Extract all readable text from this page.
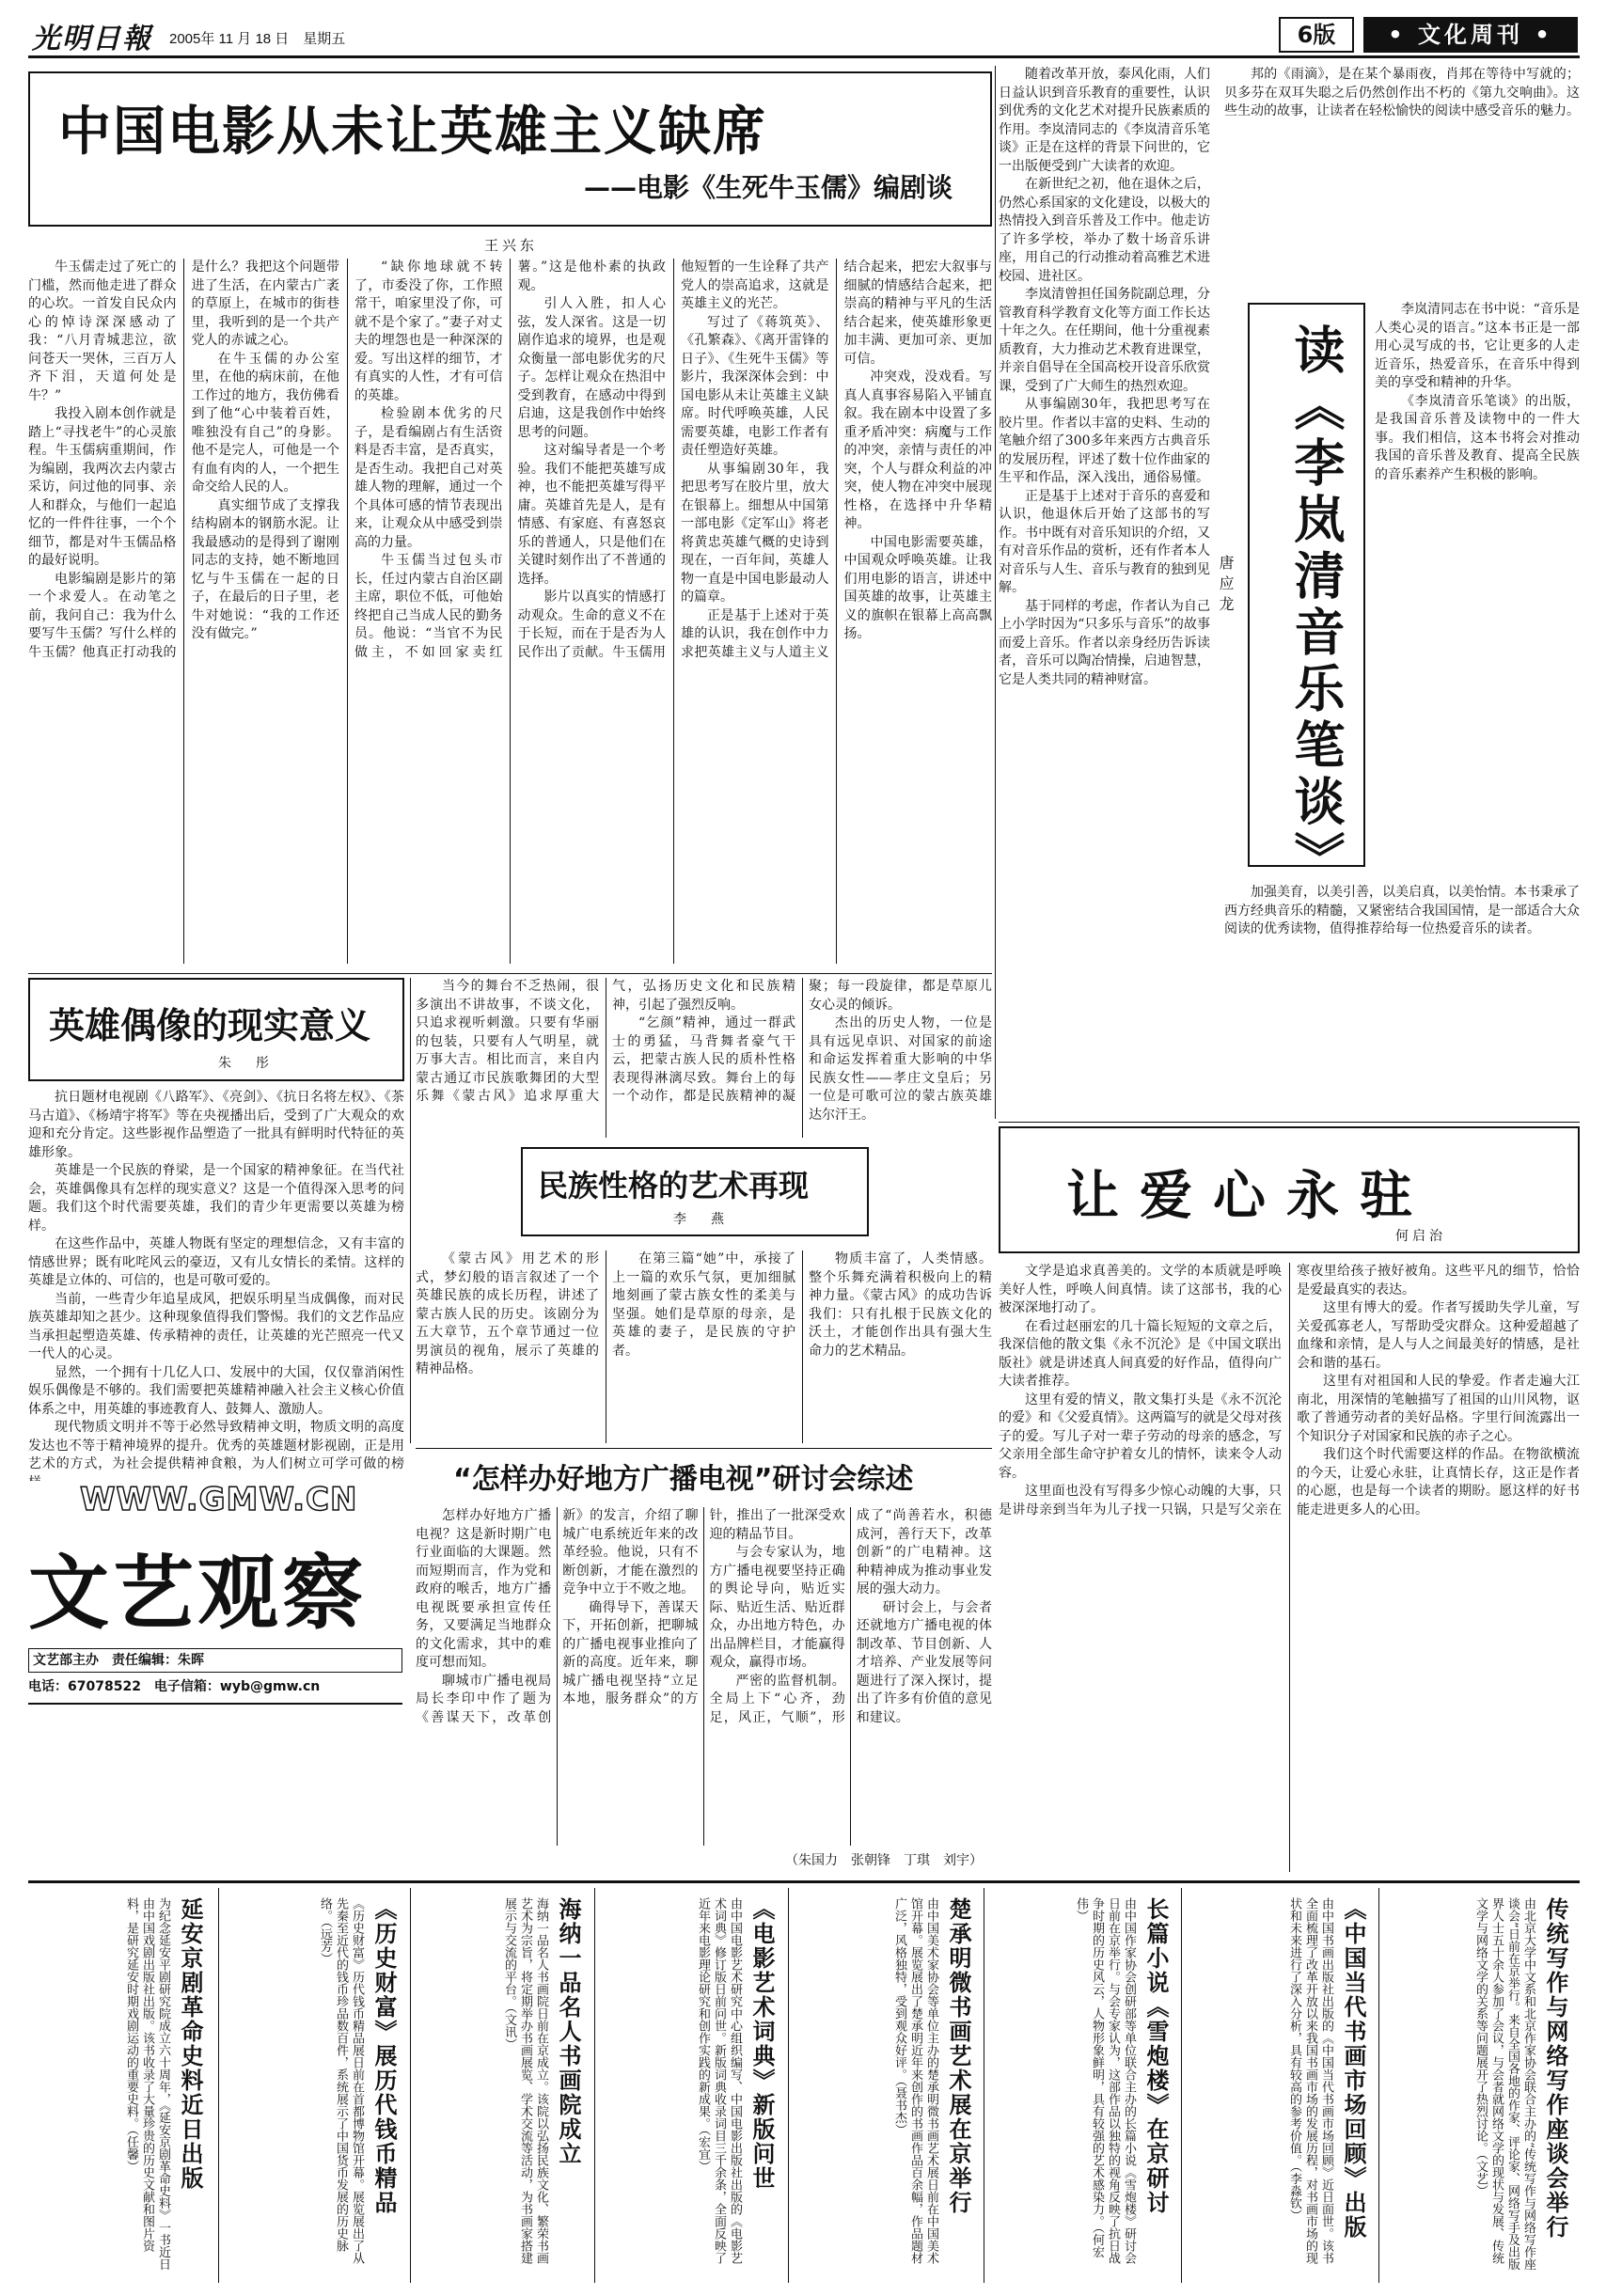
光明日報 2005年 11 月 18 日　星期五	6版	• 文化周刊 •
中国电影从未让英雄主义缺席
——电影《生死牛玉儒》编剧谈
王兴东

牛玉儒走过了死亡的门槛，然而他走进了群众的心坎。一首发自民众内心的悼诗深深感动了我：“八月青城悲泣，欲问苍天一哭休，三百万人齐下泪，天道何处是牛？”

我投入剧本创作就是踏上“寻找老牛”的心灵旅程。牛玉儒病重期间，作为编剧，我两次去内蒙古采访，问过他的同事、亲人和群众，与他们一起追忆的一件件往事，一个个细节，都是对牛玉儒品格的最好说明。

电影编剧是影片的第一个求爱人。在动笔之前，我问自己：我为什么要写牛玉儒？写什么样的牛玉儒？他真正打动我的是什么？我把这个问题带进了生活，在内蒙古广袤的草原上，在城市的街巷里，我听到的是一个共产党人的赤诚之心。

在牛玉儒的办公室里，在他的病床前，在他工作过的地方，我仿佛看到了他“心中装着百姓，唯独没有自己”的身影。他不是完人，可他是一个有血有肉的人，一个把生命交给人民的人。

真实细节成了支撑我结构剧本的钢筋水泥。让我最感动的是得到了谢刚同志的支持，她不断地回忆与牛玉儒在一起的日子，在最后的日子里，老牛对她说：“我的工作还没有做完。”

“缺你地球就不转了，市委没了你，工作照常干，咱家里没了你，可就不是个家了。”妻子对丈夫的埋怨也是一种深深的爱。写出这样的细节，才有真实的人性，才有可信的英雄。

检验剧本优劣的尺子，是看编剧占有生活资料是否丰富，是否真实，是否生动。我把自己对英雄人物的理解，通过一个个具体可感的情节表现出来，让观众从中感受到崇高的力量。

牛玉儒当过包头市长，任过内蒙古自治区副主席，职位不低，可他始终把自己当成人民的勤务员。他说：“当官不为民做主，不如回家卖红薯。”这是他朴素的执政观。

引人入胜，扣人心弦，发人深省。这是一切剧作追求的境界，也是观众衡量一部电影优劣的尺子。怎样让观众在热泪中受到教育，在感动中得到启迪，这是我创作中始终思考的问题。

这对编导者是一个考验。我们不能把英雄写成神，也不能把英雄写得平庸。英雄首先是人，是有情感、有家庭、有喜怒哀乐的普通人，只是他们在关键时刻作出了不普通的选择。

影片以真实的情感打动观众。生命的意义不在于长短，而在于是否为人民作出了贡献。牛玉儒用他短暂的一生诠释了共产党人的崇高追求，这就是英雄主义的光芒。

写过了《蒋筑英》、《孔繁森》、《离开雷锋的日子》、《生死牛玉儒》等影片，我深深体会到：中国电影从未让英雄主义缺席。时代呼唤英雄，人民需要英雄，电影工作者有责任塑造好英雄。

从事编剧30年，我把思考写在胶片里，放大在银幕上。细想从中国第一部电影《定军山》将老将黄忠英雄气概的史诗到现在，一百年间，英雄人物一直是中国电影最动人的篇章。

正是基于上述对于英雄的认识，我在创作中力求把英雄主义与人道主义结合起来，把宏大叙事与细腻的情感结合起来，把崇高的精神与平凡的生活结合起来，使英雄形象更加丰满、更加可亲、更加可信。

冲突戏，没戏看。写真人真事容易陷入平铺直叙。我在剧本中设置了多重矛盾冲突：病魔与工作的冲突，亲情与责任的冲突，个人与群众利益的冲突，使人物在冲突中展现性格，在选择中升华精神。

中国电影需要英雄，中国观众呼唤英雄。让我们用电影的语言，讲述中国英雄的故事，让英雄主义的旗帜在银幕上高高飘扬。	读《李岚清音乐笔谈》
唐应龙

随着改革开放，泰风化雨，人们日益认识到音乐教育的重要性，认识到优秀的文化艺术对提升民族素质的作用。李岚清同志的《李岚清音乐笔谈》正是在这样的背景下问世的，它一出版便受到广大读者的欢迎。

在新世纪之初，他在退休之后，仍然心系国家的文化建设，以极大的热情投入到音乐普及工作中。他走访了许多学校，举办了数十场音乐讲座，用自己的行动推动着高雅艺术进校园、进社区。

李岚清曾担任国务院副总理，分管教育科学教育文化等方面工作长达十年之久。在任期间，他十分重视素质教育，大力推动艺术教育进课堂，并亲自倡导在全国高校开设音乐欣赏课，受到了广大师生的热烈欢迎。

从事编剧30年，我把思考写在胶片里。作者以丰富的史料、生动的笔触介绍了300多年来西方古典音乐的发展历程，评述了数十位作曲家的生平和作品，深入浅出，通俗易懂。

正是基于上述对于音乐的喜爱和认识，他退休后开始了这部书的写作。书中既有对音乐知识的介绍，又有对音乐作品的赏析，还有作者本人对音乐与人生、音乐与教育的独到见解。

基于同样的考虑，作者认为自己上小学时因为“只多乐与音乐”的故事而爱上音乐。作者以亲身经历告诉读者，音乐可以陶冶情操，启迪智慧，它是人类共同的精神财富。

邦的《雨滴》，是在某个暴雨夜，肖邦在等待中写就的；贝多芬在双耳失聪之后仍然创作出不朽的《第九交响曲》。这些生动的故事，让读者在轻松愉快的阅读中感受音乐的魅力。

李岚清同志在书中说：“音乐是人类心灵的语言。”这本书正是一部用心灵写成的书，它让更多的人走近音乐，热爱音乐，在音乐中得到美的享受和精神的升华。

《李岚清音乐笔谈》的出版，是我国音乐普及读物中的一件大事。我们相信，这本书将会对推动我国的音乐普及教育、提高全民族的音乐素养产生积极的影响。

加强美育，以美引善，以美启真，以美怡情。本书秉承了西方经典音乐的精髓，又紧密结合我国国情，是一部适合大众阅读的优秀读物，值得推荐给每一位热爱音乐的读者。

英雄偶像的现实意义
朱　彤

抗日题材电视剧《八路军》、《亮剑》、《抗日名将左权》、《茶马古道》、《杨靖宇将军》等在央视播出后，受到了广大观众的欢迎和充分肯定。这些影视作品塑造了一批具有鲜明时代特征的英雄形象。

英雄是一个民族的脊梁，是一个国家的精神象征。在当代社会，英雄偶像具有怎样的现实意义？这是一个值得深入思考的问题。我们这个时代需要英雄，我们的青少年更需要以英雄为榜样。

在这些作品中，英雄人物既有坚定的理想信念，又有丰富的情感世界；既有叱咤风云的豪迈，又有儿女情长的柔情。这样的英雄是立体的、可信的，也是可敬可爱的。

当前，一些青少年追星成风，把娱乐明星当成偶像，而对民族英雄却知之甚少。这种现象值得我们警惕。我们的文艺作品应当承担起塑造英雄、传承精神的责任，让英雄的光芒照亮一代又一代人的心灵。

显然，一个拥有十几亿人口、发展中的大国，仅仅靠消闲性娱乐偶像是不够的。我们需要把英雄精神融入社会主义核心价值体系之中，用英雄的事迹教育人、鼓舞人、激励人。

现代物质文明并不等于必然导致精神文明，物质文明的高度发达也不等于精神境界的提升。优秀的英雄题材影视剧，正是用艺术的方式，为社会提供精神食粮，为人们树立可学可做的榜

当今的舞台不乏热闹，很多演出不讲故事，不谈文化，只追求视听刺激。只要有华丽的包装，只要有人气明星，就万事大吉。相比而言，来自内蒙古通辽市民族歌舞团的大型乐舞《蒙古风》追求厚重大气，弘扬历史文化和民族精神，引起了强烈反响。

“乞颜”精神，通过一群武士的勇猛，马背舞者豪气干云，把蒙古族人民的质朴性格表现得淋漓尽致。舞台上的每一个动作，都是民族精神的凝聚；每一段旋律，都是草原儿女心灵的倾诉。

杰出的历史人物，一位是具有远见卓识、对国家的前途和命运发挥着重大影响的中华民族女性——孝庄文皇后；另一位是可歌可泣的蒙古族英雄达尔汗王。

民族性格的艺术再现
李　燕

《蒙古风》用艺术的形式，梦幻般的语言叙述了一个英雄民族的成长历程，讲述了蒙古族人民的历史。该剧分为五大章节，五个章节通过一位男演员的视角，展示了英雄的精神品格。

在第三篇“她”中，承接了上一篇的欢乐气氛，更加细腻地刻画了蒙古族女性的柔美与坚强。她们是草原的母亲，是英雄的妻子，是民族的守护者。

物质丰富了，人类情感。整个乐舞充满着积极向上的精神力量。《蒙古风》的成功告诉我们：只有扎根于民族文化的沃土，才能创作出具有强大生命力的艺术精品。

让爱心永驻
何启治

文学是追求真善美的。文学的本质就是呼唤美好人性，呼唤人间真情。读了这部书，我的心被深深地打动了。

在看过赵丽宏的几十篇长短短的文章之后，我深信他的散文集《永不沉沦》是《中国文联出版社》就是讲述真人间真爱的好作品，值得向广大读者推荐。

这里有爱的情义，散文集打头是《永不沉沦的爱》和《父爱真情》。这两篇写的就是父母对孩子的爱。写儿子对一辈子劳动的母亲的感念，写父亲用全部生命守护着女儿的情怀，读来令人动容。

这里面也没有写得多少惊心动魄的大事，只是讲母亲到当年为儿子找一只锅，只是写父亲在寒夜里给孩子掖好被角。这些平凡的细节，恰恰是爱最真实的表达。

这里有博大的爱。作者写援助失学儿童，写关爱孤寡老人，写帮助受灾群众。这种爱超越了血缘和亲情，是人与人之间最美好的情感，是社会和谐的基石。

这里有对祖国和人民的挚爱。作者走遍大江南北，用深情的笔触描写了祖国的山川风物，讴歌了普通劳动者的美好品格。字里行间流露出一个知识分子对国家和民族的赤子之心。

我们这个时代需要这样的作品。在物欲横流的今天，让爱心永驻，让真情长存，这正是作者的心愿，也是每一个读者的期盼。愿这样的好书能走进更多人的心田。

“怎样办好地方广播电视”研讨会综述

怎样办好地方广播电视？这是新时期广电行业面临的大课题。然而短期而言，作为党和政府的喉舌，地方广播电视既要承担宣传任务，又要满足当地群众的文化需求，其中的难度可想而知。

聊城市广播电视局局长李印中作了题为《善谋天下，改革创新》的发言，介绍了聊城广电系统近年来的改革经验。他说，只有不断创新，才能在激烈的竞争中立于不败之地。

确得导下，善谋天下，开拓创新，把聊城的广播电视事业推向了新的高度。近年来，聊城广播电视坚持“立足本地，服务群众”的方针，推出了一批深受欢迎的精品节目。

与会专家认为，地方广播电视要坚持正确的舆论导向，贴近实际、贴近生活、贴近群众，办出地方特色，办出品牌栏目，才能赢得观众，赢得市场。

严密的监督机制。全局上下“心齐，劲足，风正，气顺”，形成了“尚善若水，积德成河，善行天下，改革创新”的广电精神。这种精神成为推动事业发展的强大动力。

研讨会上，与会者还就地方广播电视的体制改革、节目创新、人才培养、产业发展等问题进行了深入探讨，提出了许多有价值的意见和建议。

（朱国力　张朝锋　丁琪　刘宇）
WWW.GMW.CN
文艺观察
文艺部主办　责任编辑：朱晖
电话：67078522　电子信箱：wyb@gmw.cn
传统写作与网络写作座谈会举行
由北京大学中文系和北京作家协会联合主办的“传统写作与网络写作座谈会”日前在京举行。来自全国各地的作家、评论家、网络写手及出版界人士五十余人参加了会议，与会者就网络文学的现状与发展、传统文学与网络文学的关系等问题展开了热烈讨论。（文艺）
《中国当代书画市场回顾》出版
由中国书画出版社出版的《中国当代书画市场回顾》近日面世。该书全面梳理了改革开放以来我国书画市场的发展历程，对书画市场的现状和未来进行了深入分析，具有较高的参考价值。（李淼钦）
长篇小说《雪炮楼》在京研讨
由中国作家协会创研部等单位联合主办的长篇小说《雪炮楼》研讨会日前在京举行。与会专家认为，这部作品以独特的视角反映了抗日战争时期的历史风云，人物形象鲜明，具有较强的艺术感染力。（何宏伟）
楚承明微书画艺术展在京举行
由中国美术家协会等单位主办的楚承明微书画艺术展日前在中国美术馆开幕。展览展出了楚承明近年来创作的书画作品百余幅，作品题材广泛，风格独特，受到观众好评。（聂书杰）
《电影艺术词典》新版问世
由中国电影艺术研究中心组织编写、中国电影出版社出版的《电影艺术词典》修订版日前问世。新版词典收录词目三千余条，全面反映了近年来电影理论研究和创作实践的新成果。（宏宜）
海纳一品名人书画院成立
海纳一品名人书画院日前在京成立。该院以弘扬民族文化、繁荣书画艺术为宗旨，将定期举办书画展览、学术交流等活动，为书画家搭建展示与交流的平台。（文讯）
《历史财富》展历代钱币精品
《历史财富》历代钱币精品展日前在首都博物馆开幕。展览展出了从先秦至近代的钱币珍品数百件，系统展示了中国货币发展的历史脉络。（远芳）
延安京剧革命史料近日出版
为纪念延安平剧研究院成立六十周年，《延安京剧革命史料》一书近日由中国戏剧出版社出版。该书收录了大量珍贵的历史文献和图片资料，是研究延安时期戏剧运动的重要史料。（任馨）
